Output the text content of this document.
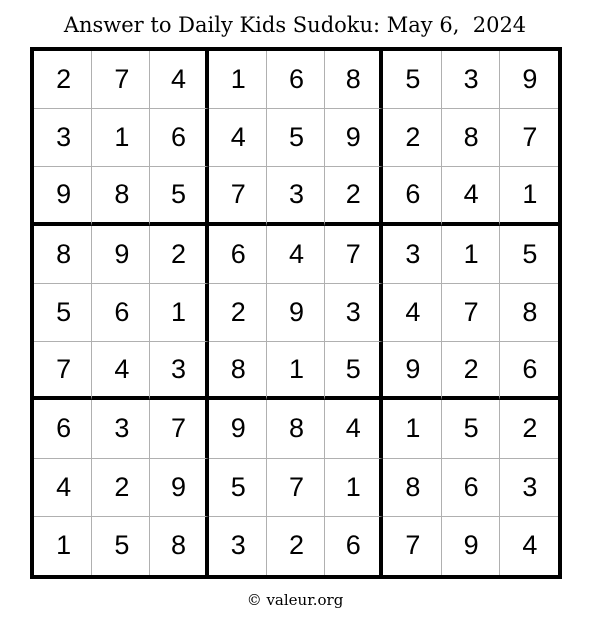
Answer to Daily Kids Sudoku: May 6,  2024
2	7	4	1	6	8	5	3	9
3	1	6	4	5	9	2	8	7
9	8	5	7	3	2	6	4	1
8	9	2	6	4	7	3	1	5
5	6	1	2	9	3	4	7	8
7	4	3	8	1	5	9	2	6
6	3	7	9	8	4	1	5	2
4	2	9	5	7	1	8	6	3
1	5	8	3	2	6	7	9	4
© valeur.org
